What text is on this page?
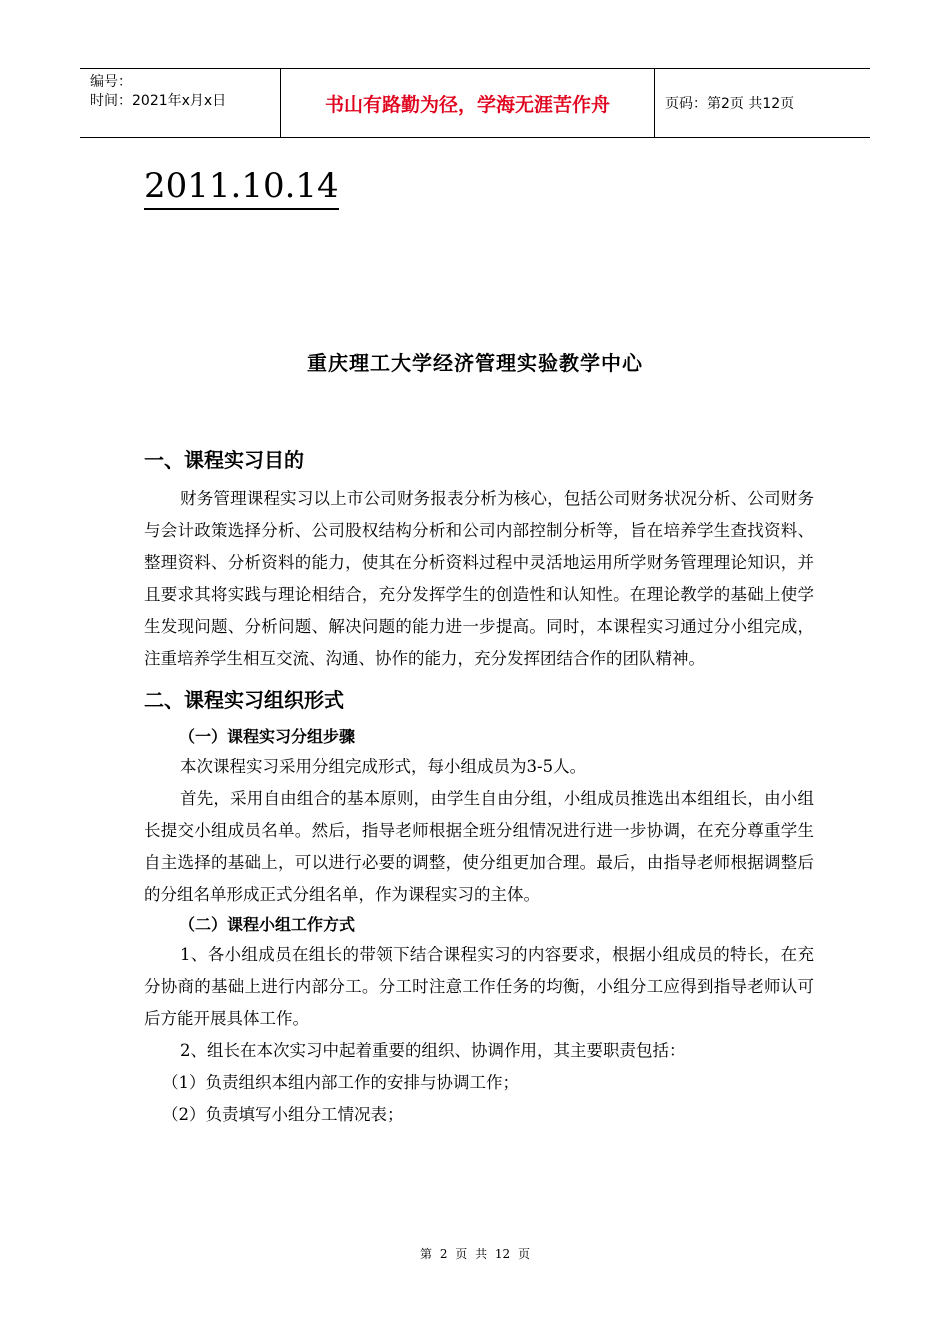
编号：
时间：2021年x月x日	书山有路勤为径，学海无涯苦作舟	页码：第2页 共12页
2011.10.14
重庆理工大学经济管理实验教学中心
一、课程实习目的

财务管理课程实习以上市公司财务报表分析为核心，包括公司财务状况分析、公司财务与会计政策选择分析、公司股权结构分析和公司内部控制分析等，旨在培养学生查找资料、整理资料、分析资料的能力，使其在分析资料过程中灵活地运用所学财务管理理论知识，并且要求其将实践与理论相结合，充分发挥学生的创造性和认知性。在理论教学的基础上使学生发现问题、分析问题、解决问题的能力进一步提高。同时，本课程实习通过分小组完成，注重培养学生相互交流、沟通、协作的能力，充分发挥团结合作的团队精神。

二、课程实习组织形式
（一）课程实习分组步骤

本次课程实习采用分组完成形式，每小组成员为3-5人。

首先，采用自由组合的基本原则，由学生自由分组，小组成员推选出本组组长，由小组长提交小组成员名单。然后，指导老师根据全班分组情况进行进一步协调，在充分尊重学生自主选择的基础上，可以进行必要的调整，使分组更加合理。最后，由指导老师根据调整后的分组名单形成正式分组名单，作为课程实习的主体。

（二）课程小组工作方式

1、各小组成员在组长的带领下结合课程实习的内容要求，根据小组成员的特长，在充分协商的基础上进行内部分工。分工时注意工作任务的均衡，小组分工应得到指导老师认可后方能开展具体工作。

2、组长在本次实习中起着重要的组织、协调作用，其主要职责包括：

（1）负责组织本组内部工作的安排与协调工作；

（2）负责填写小组分工情况表；

第 2 页 共 12 页
